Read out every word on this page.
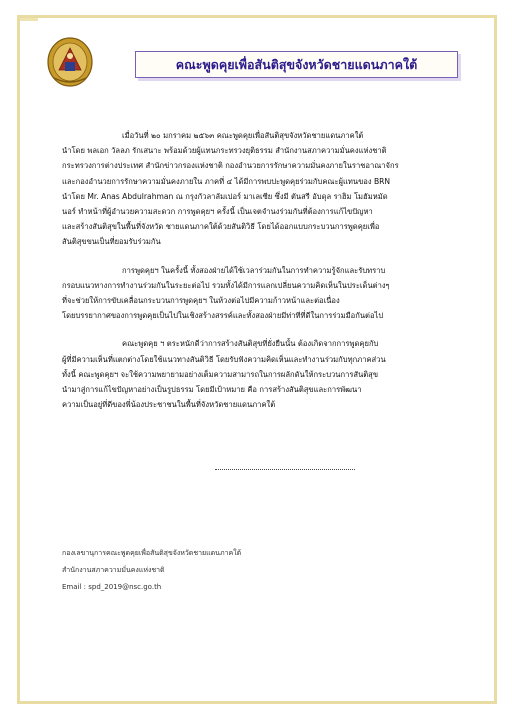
คณะพูดคุยเพื่อสันติสุขจังหวัดชายแดนภาคใต้
เมื่อวันที่ ๒๐ มกราคม ๒๕๖๓ คณะพูดคุยเพื่อสันติสุขจังหวัดชายแดนภาคใต้
นำโดย พลเอก วัลลภ รักเสนาะ พร้อมด้วยผู้แทนกระทรวงยุติธรรม สำนักงานสภาความมั่นคงแห่งชาติ
กระทรวงการต่างประเทศ สำนักข่าวกรองแห่งชาติ กองอำนวยการรักษาความมั่นคงภายในราชอาณาจักร
และกองอำนวยการรักษาความมั่นคงภายใน ภาคที่ ๔ ได้มีการพบปะพูดคุยร่วมกับคณะผู้แทนของ BRN
นำโดย Mr. Anas Abdulrahman ณ กรุงกัวลาลัมเปอร์ มาเลเซีย ซึ่งมี ตันสรี อับดุล ราฮิม โมฮัมหมัด
นอร์ ทำหน้าที่ผู้อำนวยความสะดวก การพูดคุยฯ ครั้งนี้ เป็นเจตจำนงร่วมกันที่ต้องการแก้ไขปัญหา
และสร้างสันติสุขในพื้นที่จังหวัด ชายแดนภาคใต้ด้วยสันติวิธี โดยได้ออกแบบกระบวนการพูดคุยเพื่อ
สันติสุขขนเป็นที่ยอมรับร่วมกัน
การพูดคุยฯ ในครั้งนี้ ทั้งสองฝ่ายได้ใช้เวลาร่วมกันในการทำความรู้จักและรับทราบ
กรอบแนวทางการทำงานร่วมกันในระยะต่อไป รวมทั้งได้มีการแลกเปลี่ยนความคิดเห็นในประเด็นต่างๆ
ที่จะช่วยให้การขับเคลื่อนกระบวนการพูดคุยฯ ในห้วงต่อไปมีความก้าวหน้าและต่อเนื่อง
โดยบรรยากาศของการพูดคุยเป็นไปในเชิงสร้างสรรค์และทั้งสองฝ่ายมีท่าทีที่ดีในการร่วมมือกันต่อไป
คณะพูดคุย ฯ ตระหนักดีว่าการสร้างสันติสุขที่ยั่งยืนนั้น ต้องเกิดจากการพูดคุยกับ
ผู้ที่มีความเห็นที่แตกต่างโดยใช้แนวทางสันติวิธี โดยรับฟังความคิดเห็นและทำงานร่วมกับทุกภาคส่วน
ทั้งนี้ คณะพูดคุยฯ จะใช้ความพยายามอย่างเต็มความสามารถในการผลักดันให้กระบวนการสันติสุข
นำมาสู่การแก้ไขปัญหาอย่างเป็นรูปธรรม โดยมีเป้าหมาย คือ การสร้างสันติสุขและการพัฒนา
ความเป็นอยู่ที่ดีของพี่น้องประชาชนในพื้นที่จังหวัดชายแดนภาคใต้
กองเลขานุการคณะพูดคุยเพื่อสันติสุขจังหวัดชายแดนภาคใต้
สำนักงานสภาความมั่นคงแห่งชาติ
Email : spd_2019@nsc.go.th
